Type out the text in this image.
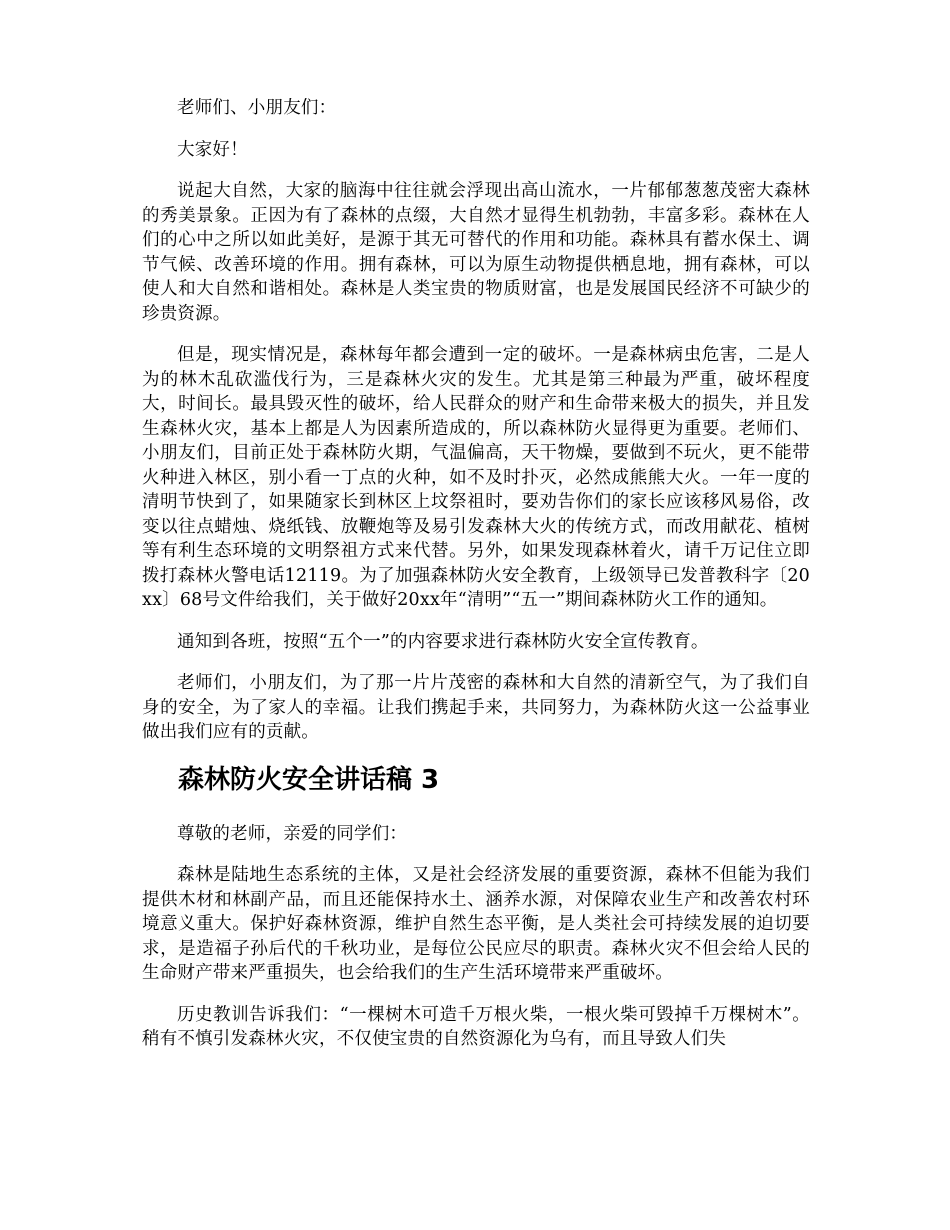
老师们、小朋友们：

大家好！

说起大自然，大家的脑海中往往就会浮现出高山流水，一片郁郁葱葱茂密大森林的秀美景象。正因为有了森林的点缀，大自然才显得生机勃勃，丰富多彩。森林在人们的心中之所以如此美好，是源于其无可替代的作用和功能。森林具有蓄水保土、调节气候、改善环境的作用。拥有森林，可以为原生动物提供栖息地，拥有森林，可以使人和大自然和谐相处。森林是人类宝贵的物质财富，也是发展国民经济不可缺少的珍贵资源。

但是，现实情况是，森林每年都会遭到一定的破坏。一是森林病虫危害，二是人为的林木乱砍滥伐行为，三是森林火灾的发生。尤其是第三种最为严重，破坏程度大，时间长。最具毁灭性的破坏，给人民群众的财产和生命带来极大的损失，并且发生森林火灾，基本上都是人为因素所造成的，所以森林防火显得更为重要。老师们、小朋友们，目前正处于森林防火期，气温偏高，天干物燥，要做到不玩火，更不能带火种进入林区，别小看一丁点的火种，如不及时扑灭，必然成熊熊大火。一年一度的清明节快到了，如果随家长到林区上坟祭祖时，要劝告你们的家长应该移风易俗，改变以往点蜡烛、烧纸钱、放鞭炮等及易引发森林大火的传统方式，而改用献花、植树等有利生态环境的文明祭祖方式来代替。另外，如果发现森林着火，请千万记住立即拨打森林火警电话12119。为了加强森林防火安全教育，上级领导已发普教科字〔20xx〕68号文件给我们，关于做好20xx年“清明”“五一”期间森林防火工作的通知。

通知到各班，按照“五个一”的内容要求进行森林防火安全宣传教育。

老师们，小朋友们，为了那一片片茂密的森林和大自然的清新空气，为了我们自身的安全，为了家人的幸福。让我们携起手来，共同努力，为森林防火这一公益事业做出我们应有的贡献。

森林防火安全讲话稿 3

尊敬的老师，亲爱的同学们：

森林是陆地生态系统的主体，又是社会经济发展的重要资源，森林不但能为我们提供木材和林副产品，而且还能保持水土、涵养水源，对保障农业生产和改善农村环境意义重大。保护好森林资源，维护自然生态平衡，是人类社会可持续发展的迫切要求，是造福子孙后代的千秋功业，是每位公民应尽的职责。森林火灾不但会给人民的生命财产带来严重损失，也会给我们的生产生活环境带来严重破坏。

历史教训告诉我们：“一棵树木可造千万根火柴，一根火柴可毁掉千万棵树木”。稍有不慎引发森林火灾，不仅使宝贵的自然资源化为乌有，而且导致人们失
